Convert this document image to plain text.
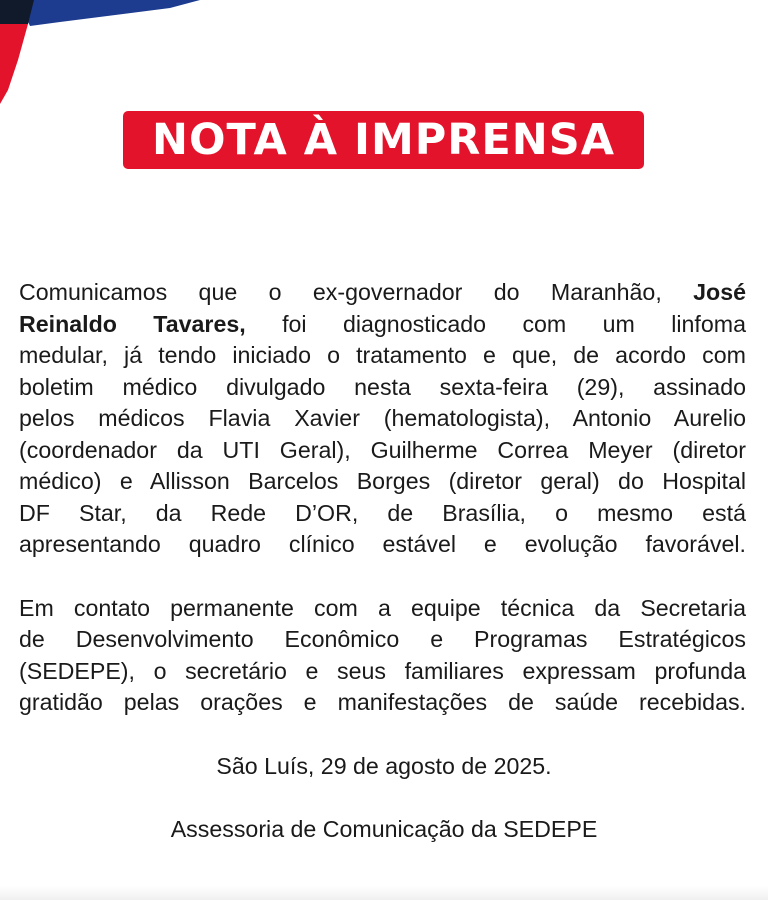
NOTA À IMPRENSA
Comunicamos que o ex-governador do Maranhão, José
Reinaldo Tavares, foi diagnosticado com um linfoma
medular, já tendo iniciado o tratamento e que, de acordo com
boletim médico divulgado nesta sexta-feira (29), assinado
pelos médicos Flavia Xavier (hematologista), Antonio Aurelio
(coordenador da UTI Geral), Guilherme Correa Meyer (diretor
médico) e Allisson Barcelos Borges (diretor geral) do Hospital
DF Star, da Rede D’OR, de Brasília, o mesmo está
apresentando quadro clínico estável e evolução favorável.
Em contato permanente com a equipe técnica da Secretaria
de Desenvolvimento Econômico e Programas Estratégicos
(SEDEPE), o secretário e seus familiares expressam profunda
gratidão pelas orações e manifestações de saúde recebidas.
São Luís, 29 de agosto de 2025.
Assessoria de Comunicação da SEDEPE
